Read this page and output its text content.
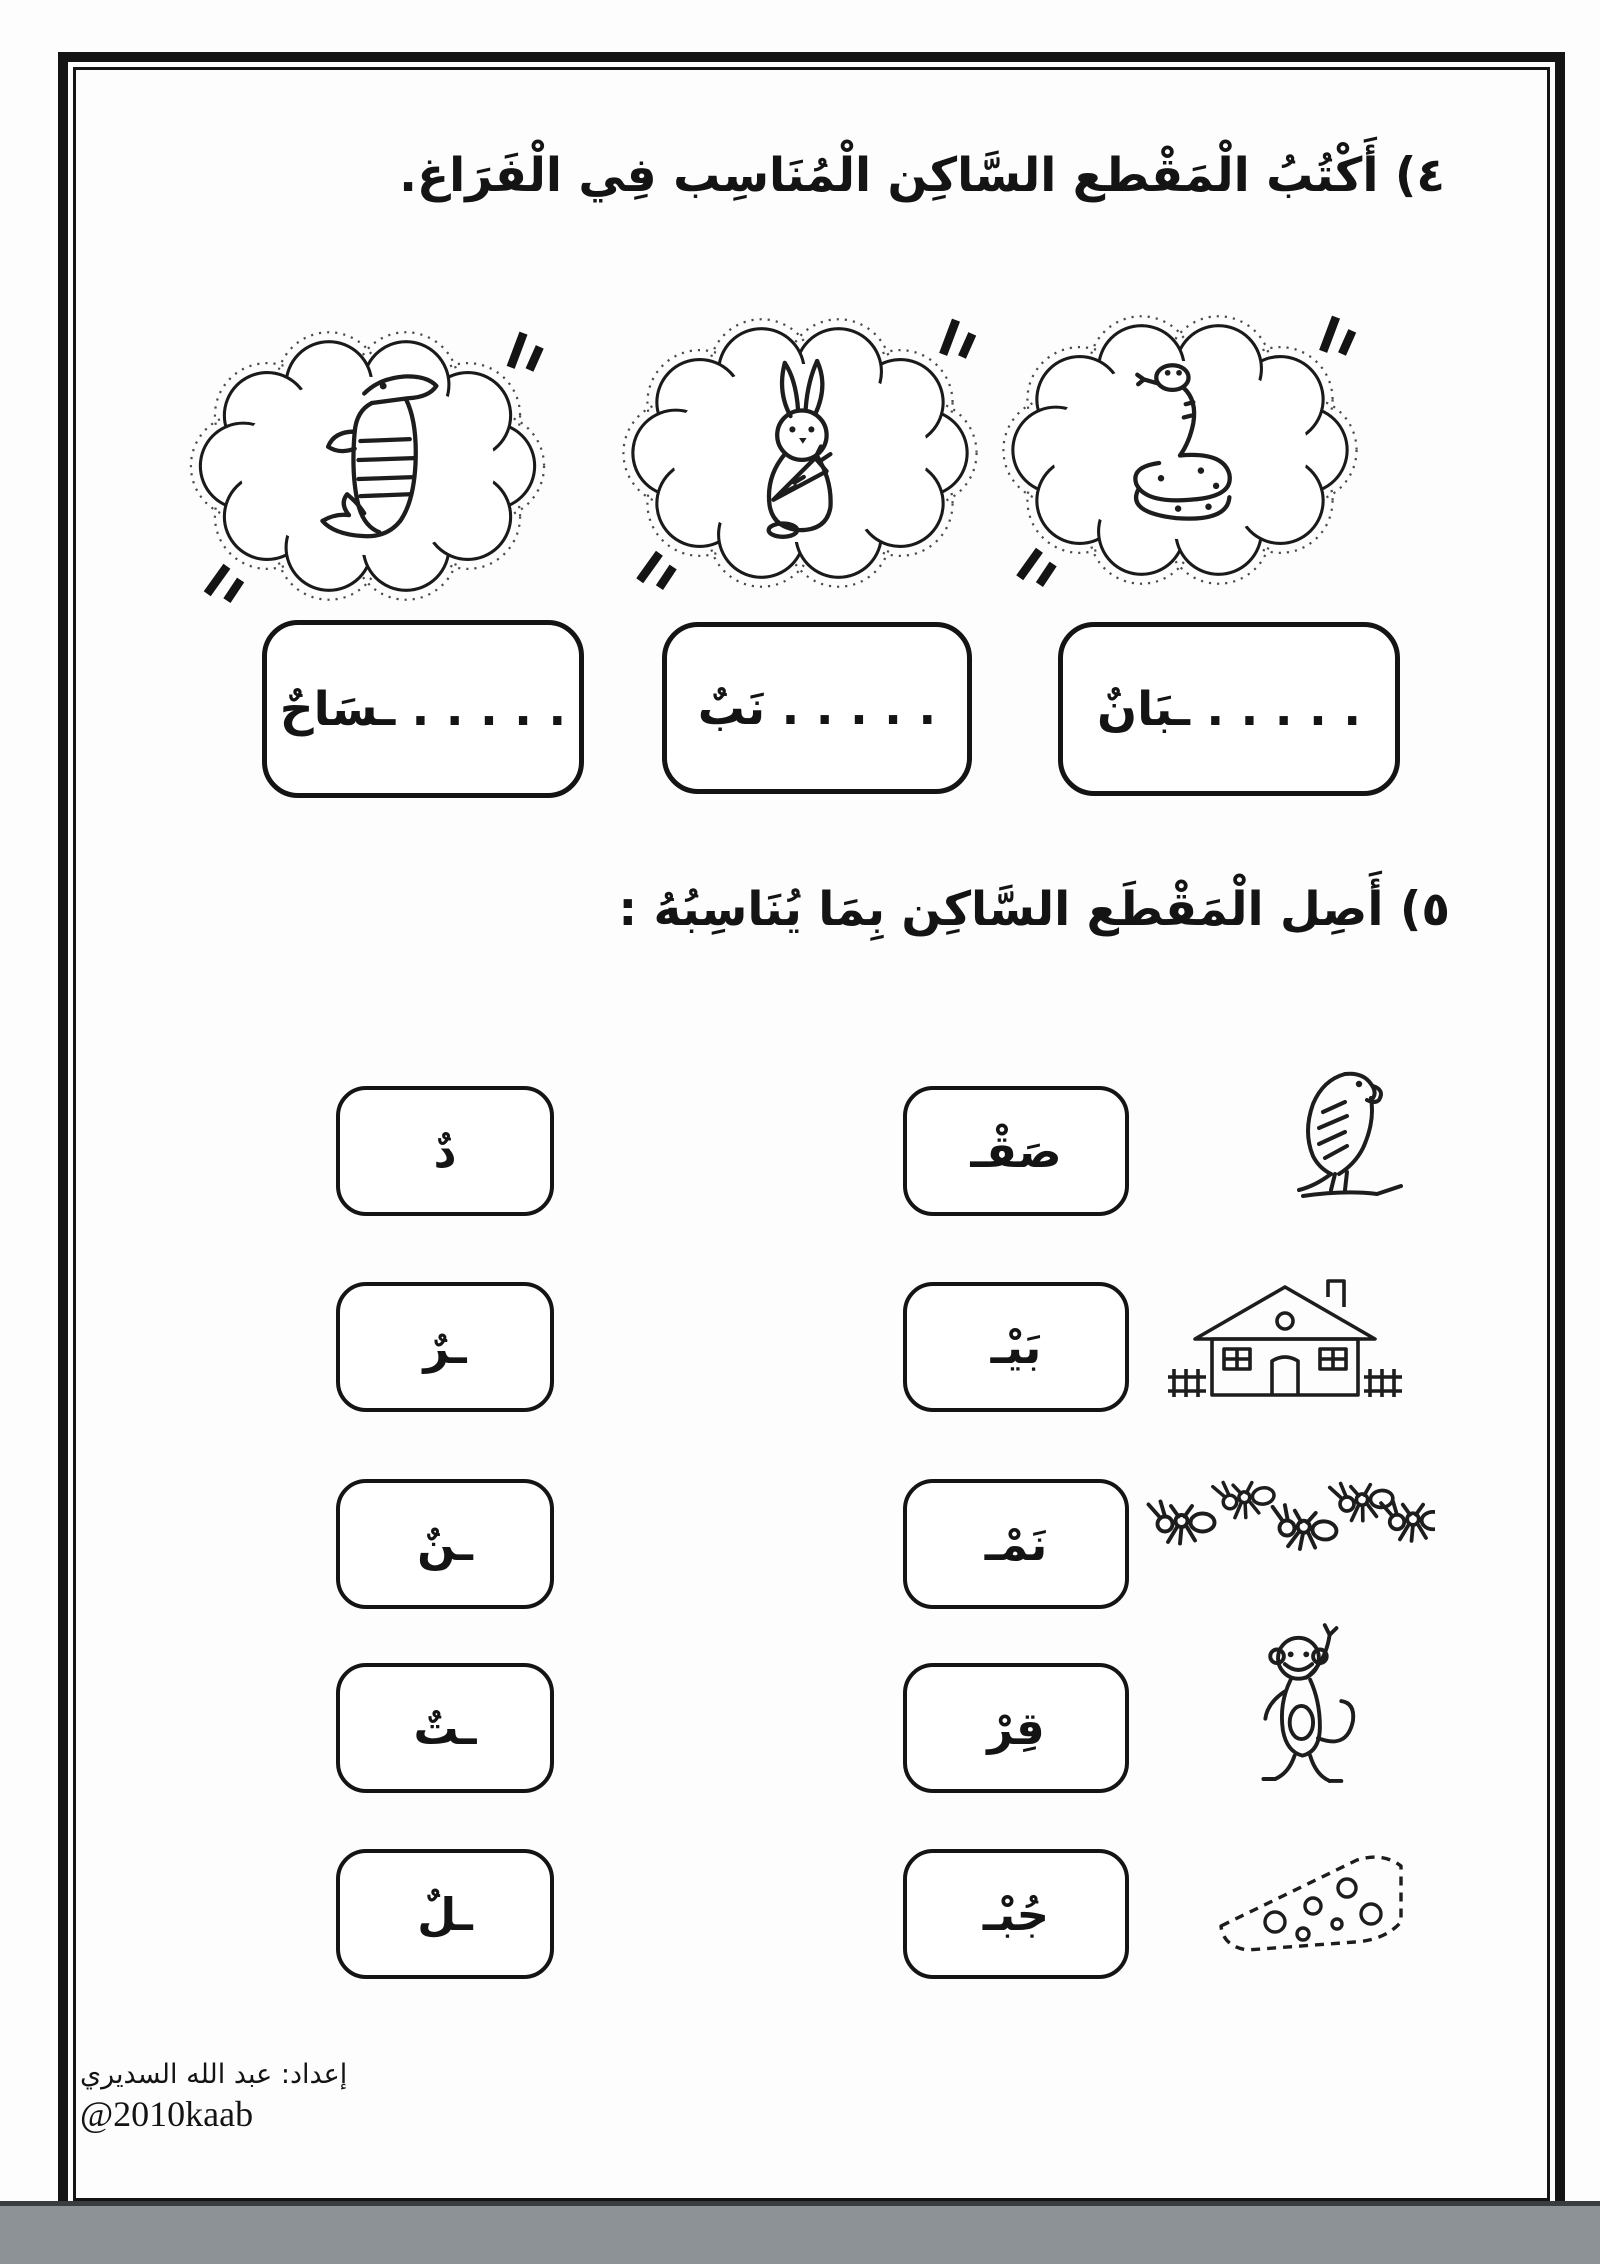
٤) أَكْتُبُ الْمَقْطع السَّاكِن الْمُنَاسِب فِي الْفَرَاغ.
. . . . . ـبَانٌ
. . . . . نَبٌ
. . . . . ـسَاحٌ
٥) أَصِل الْمَقْطَع السَّاكِن بِمَا يُنَاسِبُهُ :
دٌ
ـرٌ
ـنٌ
ـتٌ
ـلٌ
صَقْـ
بَيْـ
نَمْـ
قِرْ
جُبْـ
إعداد: عبد الله السديري
@2010kaab
